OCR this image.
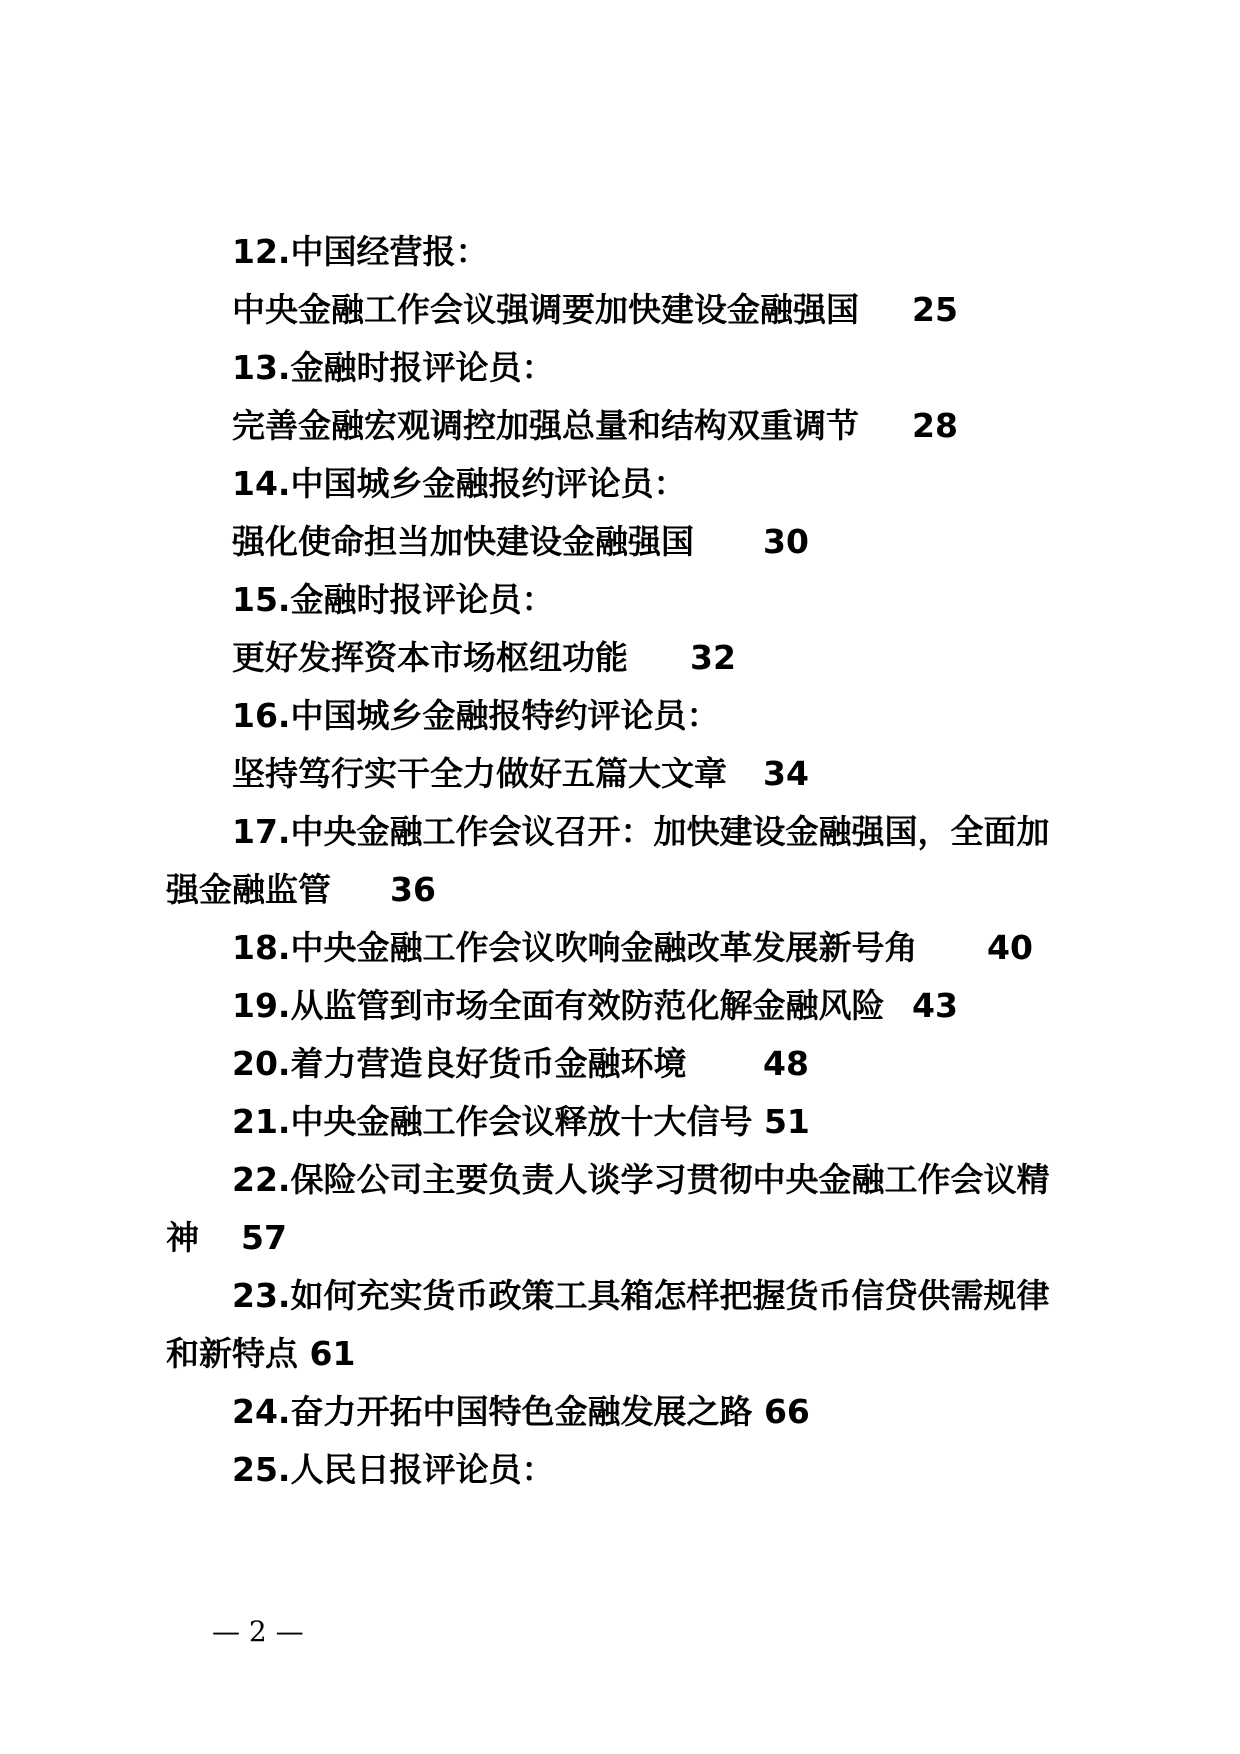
12.中国经营报：
中央金融工作会议强调要加快建设金融强国 25
13.金融时报评论员：
完善金融宏观调控加强总量和结构双重调节 28
14.中国城乡金融报约评论员：
强化使命担当加快建设金融强国 30
15.金融时报评论员：
更好发挥资本市场枢纽功能 32
16.中国城乡金融报特约评论员：
坚持笃行实干全力做好五篇大文章 34
17.中央金融工作会议召开：加快建设金融强国，全面加
强金融监管 36
18.中央金融工作会议吹响金融改革发展新号角 40
19.从监管到市场全面有效防范化解金融风险 43
20.着力营造良好货币金融环境 48
21.中央金融工作会议释放十大信号 51
22.保险公司主要负责人谈学习贯彻中央金融工作会议精
神 57
23.如何充实货币政策工具箱怎样把握货币信贷供需规律
和新特点 61
24.奋力开拓中国特色金融发展之路 66
25.人民日报评论员：
— 2 —
